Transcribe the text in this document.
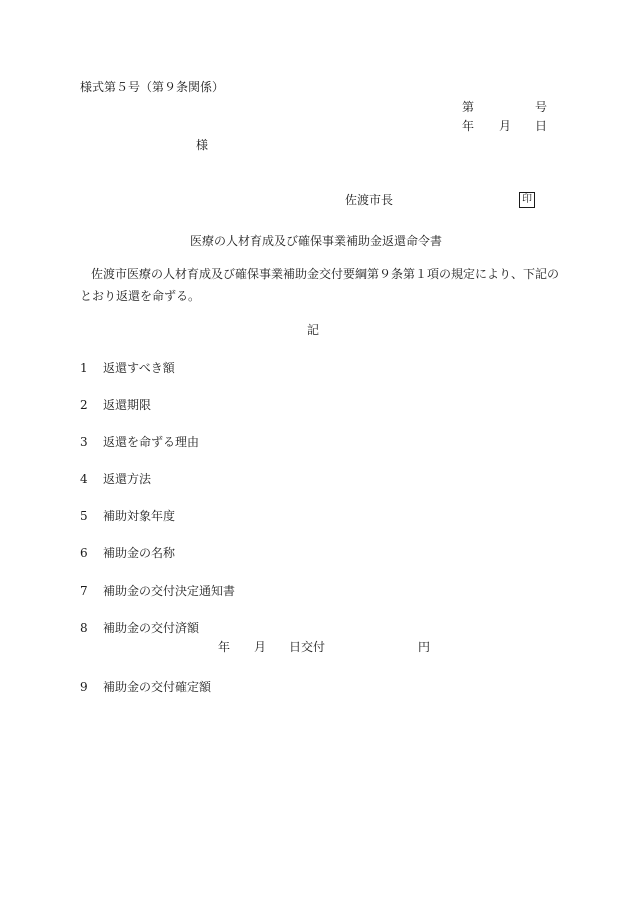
様式第５号（第９条関係）
第	号
年 月 日
様
佐渡市長	印
医療の人材育成及び確保事業補助金返還命令書
佐渡市医療の人材育成及び確保事業補助金交付要綱第９条第１項の規定により、下記の
とおり返還を命ずる。
記
1 返還すべき額
2 返還期限
3 返還を命ずる理由
4 返還方法
5 補助対象年度
6 補助金の名称
7 補助金の交付決定通知書
8 補助金の交付済額
年 月 日交付	円
9 補助金の交付確定額
